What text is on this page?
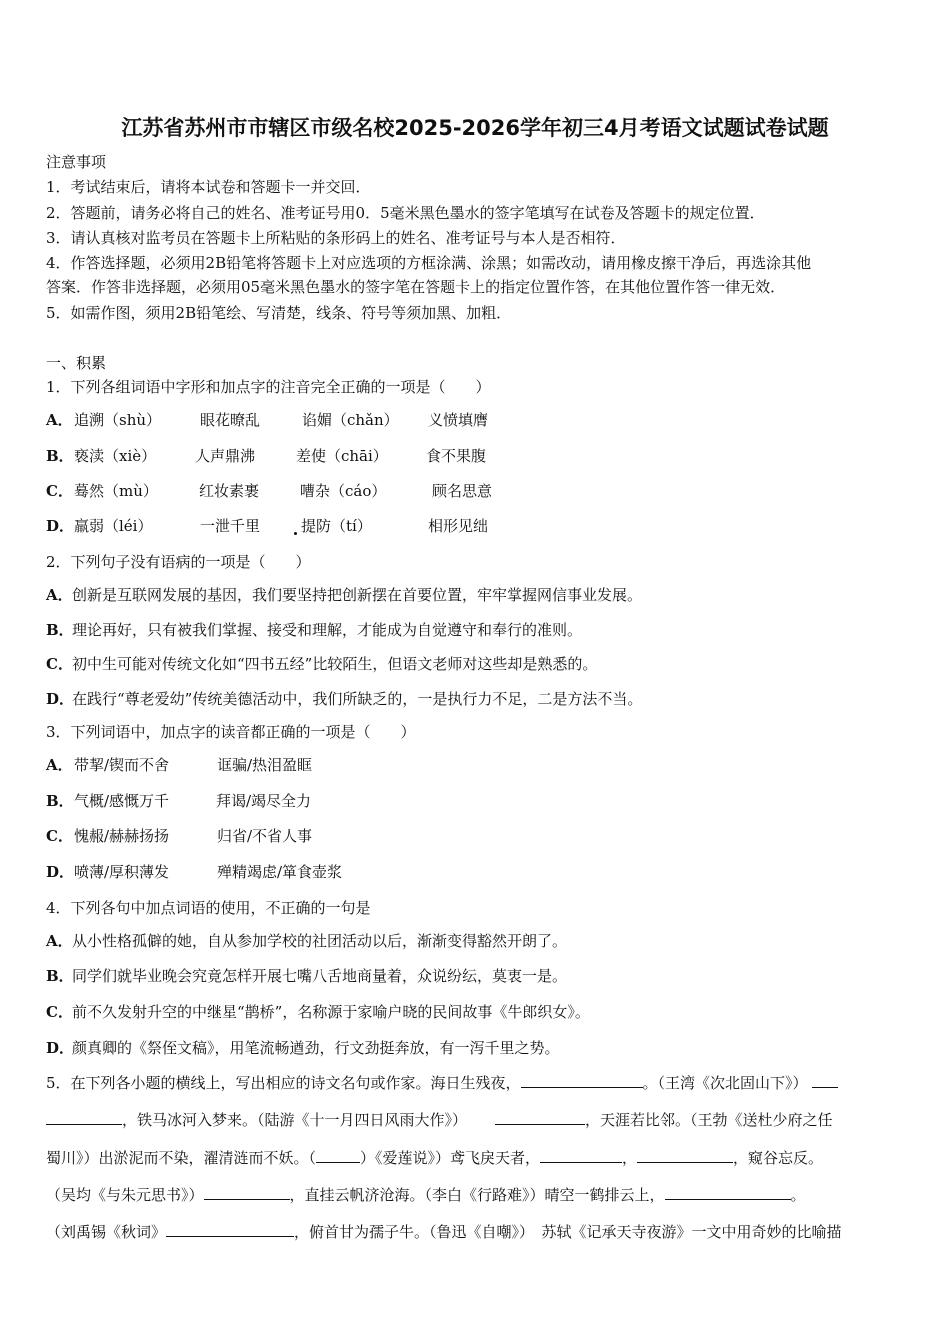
江苏省苏州市市辖区市级名校2025-2026学年初三4月考语文试题试卷试题
注意事项
1．考试结束后，请将本试卷和答题卡一并交回．
2．答题前，请务必将自己的姓名、准考证号用0．5毫米黑色墨水的签字笔填写在试卷及答题卡的规定位置．
3．请认真核对监考员在答题卡上所粘贴的条形码上的姓名、准考证号与本人是否相符．
4．作答选择题，必须用2B铅笔将答题卡上对应选项的方框涂满、涂黑；如需改动，请用橡皮擦干净后，再选涂其他
答案．作答非选择题，必须用05毫米黑色墨水的签字笔在答题卡上的指定位置作答，在其他位置作答一律无效．
5．如需作图，须用2B铅笔绘、写清楚，线条、符号等须加黑、加粗．
一、积累
1．下列各组词语中字形和加点字的注音完全正确的一项是（　　）
A． 追溯（shù）	眼花暸乱	谄媚（chǎn） 义愤填膺
B． 亵渎（xiè）	人声鼎沸	差使（chāi）	食不果腹
C． 蓦然（mù）	红妆素裹	嘈杂（cáo）	顾名思意
D． 羸弱（léi）	一泄千里	提防（tí）	相形见绌
2．下列句子没有语病的一项是（　　）
A．创新是互联网发展的基因，我们要坚持把创新摆在首要位置，牢牢掌握网信事业发展。
B．理论再好，只有被我们掌握、接受和理解，才能成为自觉遵守和奉行的准则。
C．初中生可能对传统文化如“四书五经”比较陌生，但语文老师对这些却是熟悉的。
D．在践行“尊老爱幼”传统美德活动中，我们所缺乏的，一是执行力不足，二是方法不当。
3．下列词语中，加点字的读音都正确的一项是（　　）
A． 带挈/锲而不舍	诓骗/热泪盈眶
B． 气概/感慨万千	拜谒/竭尽全力
C． 愧赧/赫赫扬扬	归省/不省人事
D． 喷薄/厚积薄发	殚精竭虑/箪食壶浆
4．下列各句中加点词语的使用，不正确的一句是
A．从小性格孤僻的她，自从参加学校的社团活动以后，渐渐变得豁然开朗了。
B．同学们就毕业晚会究竟怎样开展七嘴八舌地商量着，众说纷纭，莫衷一是。
C．前不久发射升空的中继星“鹊桥”，名称源于家喻户晓的民间故事《牛郎织女》。
D．颜真卿的《祭侄文稿》，用笔流畅遒劲，行文劲挺奔放，有一泻千里之势。
5．在下列各小题的横线上，写出相应的诗文名句或作家。海日生残夜，	。（王湾《次北固山下》）
，铁马冰河入梦来。（陆游《十一月四日风雨大作》）	，天涯若比邻。（王勃《送杜少府之任
蜀川》）出淤泥而不染，濯清涟而不妖。（	）《爱莲说》）鸢飞戾天者，	，	，窥谷忘反。
（吴均《与朱元思书》）	，直挂云帆济沧海。（李白《行路难》）晴空一鹤排云上，	。
（刘禹锡《秋词》	，俯首甘为孺子牛。（鲁迅《自嘲》）　苏轼《记承天寺夜游》一文中用奇妙的比喻描
